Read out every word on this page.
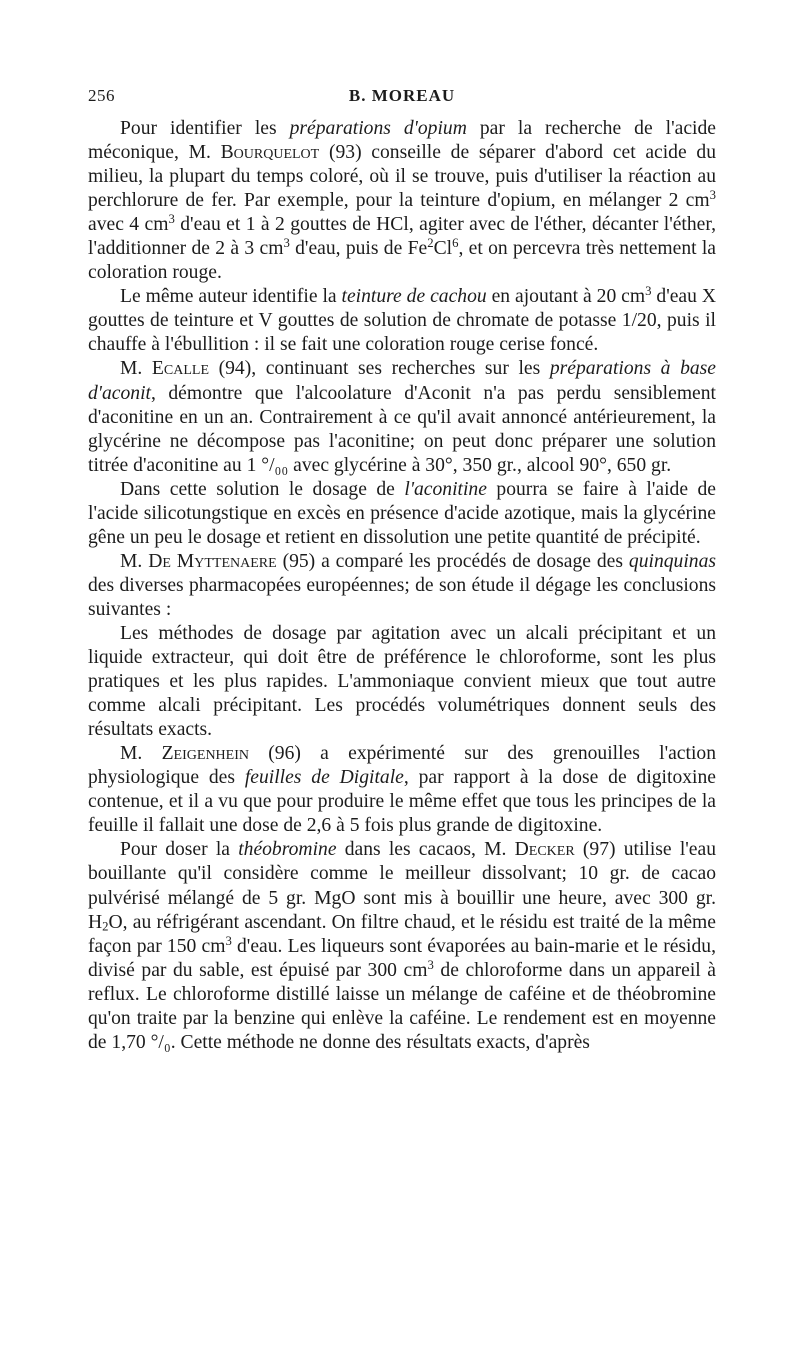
256	B. MOREAU

Pour identifier les préparations d'opium par la recherche de l'acide méconique, M. Bourquelot (93) conseille de séparer d'abord cet acide du milieu, la plupart du temps coloré, où il se trouve, puis d'utiliser la réaction au perchlorure de fer. Par exemple, pour la teinture d'opium, en mélanger 2 $cm^3$ avec 4 $cm^3$ d'eau et 1 à 2 gouttes de HCl, agiter avec de l'éther, décanter l'éther, l'additionner de 2 à 3 $cm^3$ d'eau, puis de Fe$^2$Cl$^6$, et on percevra très nettement la coloration rouge.

Le même auteur identifie la teinture de cachou en ajoutant à 20 $cm^3$ d'eau X gouttes de teinture et V gouttes de solution de chromate de potasse 1/20, puis il chauffe à l'ébullition : il se fait une coloration rouge cerise foncé.

M. Ecalle (94), continuant ses recherches sur les préparations à base d'aconit, démontre que l'alcoolature d'Aconit n'a pas perdu sensiblement d'aconitine en un an. Contrairement à ce qu'il avait annoncé antérieurement, la glycérine ne décompose pas l'aconitine; on peut donc préparer une solution titrée d'aconitine au 1 °/₀₀ avec glycérine à 30°, 350 gr., alcool 90°, 650 gr.

Dans cette solution le dosage de l'aconitine pourra se faire à l'aide de l'acide silicotungstique en excès en présence d'acide azotique, mais la glycérine gêne un peu le dosage et retient en dissolution une petite quantité de précipité.

M. De Myttenaere (95) a comparé les procédés de dosage des quinquinas des diverses pharmacopées européennes; de son étude il dégage les conclusions suivantes :

Les méthodes de dosage par agitation avec un alcali précipitant et un liquide extracteur, qui doit être de préférence le chloroforme, sont les plus pratiques et les plus rapides. L'ammoniaque convient mieux que tout autre comme alcali précipitant. Les procédés volumétriques donnent seuls des résultats exacts.

M. Zeigenhein (96) a expérimenté sur des grenouilles l'action physiologique des feuilles de Digitale, par rapport à la dose de digitoxine contenue, et il a vu que pour produire le même effet que tous les principes de la feuille il fallait une dose de 2,6 à 5 fois plus grande de digitoxine.

Pour doser la théobromine dans les cacaos, M. Decker (97) utilise l'eau bouillante qu'il considère comme le meilleur dissolvant; 10 gr. de cacao pulvérisé mélangé de 5 gr. MgO sont mis à bouillir une heure, avec 300 gr. $H_2O$, au réfrigérant ascendant. On filtre chaud, et le résidu est traité de la même façon par 150 $cm^3$ d'eau. Les liqueurs sont évaporées au bain-marie et le résidu, divisé par du sable, est épuisé par 300 $cm^3$ de chloroforme dans un appareil à reflux. Le chloroforme distillé laisse un mélange de caféine et de théobromine qu'on traite par la benzine qui enlève la caféine. Le rendement est en moyenne de 1,70 °/₀. Cette méthode ne donne des résultats exacts, d'après
